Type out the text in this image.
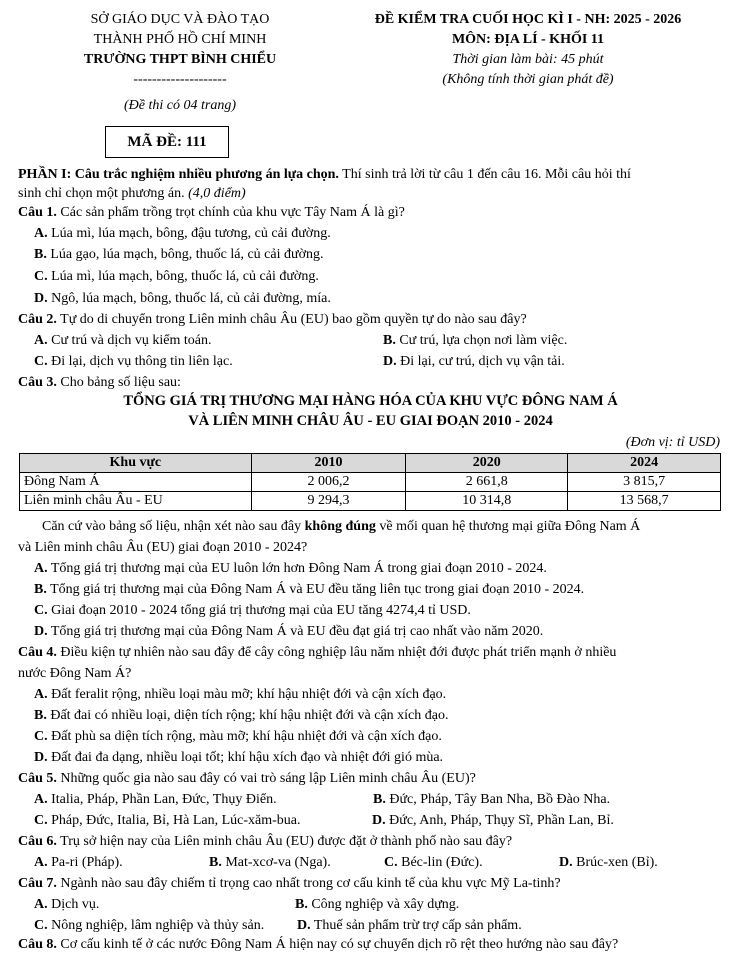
SỞ GIÁO DỤC VÀ ĐÀO TẠO
THÀNH PHỐ HỒ CHÍ MINH
TRƯỜNG THPT BÌNH CHIỂU
--------------------
(Đề thi có 04 trang)
ĐỀ KIỂM TRA CUỐI HỌC KÌ I - NH: 2025 - 2026
MÔN: ĐỊA LÍ - KHỐI 11
Thời gian làm bài: 45 phút
(Không tính thời gian phát đề)
MÃ ĐỀ: 111
PHẦN I: Câu trắc nghiệm nhiều phương án lựa chọn. Thí sinh trả lời từ câu 1 đến câu 16. Mỗi câu hỏi thí
sinh chỉ chọn một phương án. (4,0 điểm)
Câu 1. Các sản phẩm trồng trọt chính của khu vực Tây Nam Á là gì?
A. Lúa mì, lúa mạch, bông, đậu tương, củ cải đường.
B. Lúa gạo, lúa mạch, bông, thuốc lá, củ cải đường.
C. Lúa mì, lúa mạch, bông, thuốc lá, củ cải đường.
D. Ngô, lúa mạch, bông, thuốc lá, củ cải đường, mía.
Câu 2. Tự do di chuyển trong Liên minh châu Âu (EU) bao gồm quyền tự do nào sau đây?
A. Cư trú và dịch vụ kiểm toán.	B. Cư trú, lựa chọn nơi làm việc.
C. Đi lại, dịch vụ thông tin liên lạc.	D. Đi lại, cư trú, dịch vụ vận tải.
Câu 3. Cho bảng số liệu sau:
TỔNG GIÁ TRỊ THƯƠNG MẠI HÀNG HÓA CỦA KHU VỰC ĐÔNG NAM Á
VÀ LIÊN MINH CHÂU ÂU - EU GIAI ĐOẠN 2010 - 2024
(Đơn vị: tỉ USD)
Khu vực	2010	2020	2024
Đông Nam Á	2 006,2	2 661,8	3 815,7
Liên minh châu Âu - EU	9 294,3	10 314,8	13 568,7
Căn cứ vào bảng số liệu, nhận xét nào sau đây không đúng về mối quan hệ thương mại giữa Đông Nam Á
và Liên minh châu Âu (EU) giai đoạn 2010 - 2024?
A. Tổng giá trị thương mại của EU luôn lớn hơn Đông Nam Á trong giai đoạn 2010 - 2024.
B. Tổng giá trị thương mại của Đông Nam Á và EU đều tăng liên tục trong giai đoạn 2010 - 2024.
C. Giai đoạn 2010 - 2024 tổng giá trị thương mại của EU tăng 4274,4 tỉ USD.
D. Tổng giá trị thương mại của Đông Nam Á và EU đều đạt giá trị cao nhất vào năm 2020.
Câu 4. Điều kiện tự nhiên nào sau đây để cây công nghiệp lâu năm nhiệt đới được phát triển mạnh ở nhiều
nước Đông Nam Á?
A. Đất feralit rộng, nhiều loại màu mỡ; khí hậu nhiệt đới và cận xích đạo.
B. Đất đai có nhiều loại, diện tích rộng; khí hậu nhiệt đới và cận xích đạo.
C. Đất phù sa diện tích rộng, màu mỡ; khí hậu nhiệt đới và cận xích đạo.
D. Đất đai đa dạng, nhiều loại tốt; khí hậu xích đạo và nhiệt đới gió mùa.
Câu 5. Những quốc gia nào sau đây có vai trò sáng lập Liên minh châu Âu (EU)?
A. Italia, Pháp, Phần Lan, Đức, Thụy Điển.	B. Đức, Pháp, Tây Ban Nha, Bồ Đào Nha.
C. Pháp, Đức, Italia, Bỉ, Hà Lan, Lúc-xăm-bua.	D. Đức, Anh, Pháp, Thụy Sĩ, Phần Lan, Bỉ.
Câu 6. Trụ sở hiện nay của Liên minh châu Âu (EU) được đặt ở thành phố nào sau đây?
A. Pa-ri (Pháp).	B. Mat-xcơ-va (Nga).	C. Béc-lin (Đức).	D. Brúc-xen (Bỉ).
Câu 7. Ngành nào sau đây chiếm tỉ trọng cao nhất trong cơ cấu kinh tế của khu vực Mỹ La-tinh?
A. Dịch vụ.	B. Công nghiệp và xây dựng.
C. Nông nghiệp, lâm nghiệp và thủy sản. D. Thuế sản phẩm trừ trợ cấp sản phẩm.
Câu 8. Cơ cấu kinh tế ở các nước Đông Nam Á hiện nay có sự chuyển dịch rõ rệt theo hướng nào sau đây?
